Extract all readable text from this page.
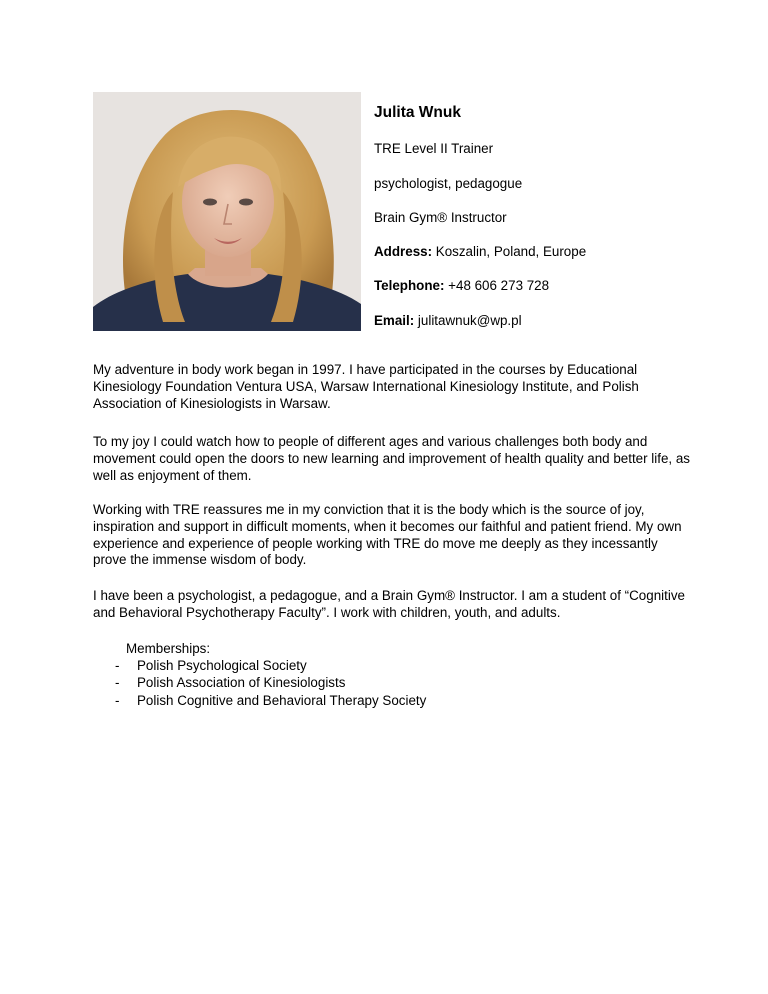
Julita Wnuk
TRE Level II Trainer
psychologist, pedagogue
Brain Gym® Instructor
Address: Koszalin, Poland, Europe
Telephone: +48 606 273 728
Email: julitawnuk@wp.pl

My adventure in body work began in 1997. I have participated in the courses by Educational Kinesiology Foundation Ventura USA, Warsaw International Kinesiology Institute, and Polish Association of Kinesiologists in Warsaw.

To my joy I could watch how to people of different ages and various challenges both body and movement could open the doors to new learning and improvement of health quality and better life, as well as enjoyment of them.

Working with TRE reassures me in my conviction that it is the body which is the source of joy, inspiration and support in difficult moments, when it becomes our faithful and patient friend. My own experience and experience of people working with TRE do move me deeply as they incessantly prove the immense wisdom of body.

I have been a psychologist, a pedagogue, and a Brain Gym® Instructor. I am a student of “Cognitive and Behavioral Psychotherapy Faculty”. I work with children, youth, and adults.

Memberships:
- Polish Psychological Society
- Polish Association of Kinesiologists
- Polish Cognitive and Behavioral Therapy Society
